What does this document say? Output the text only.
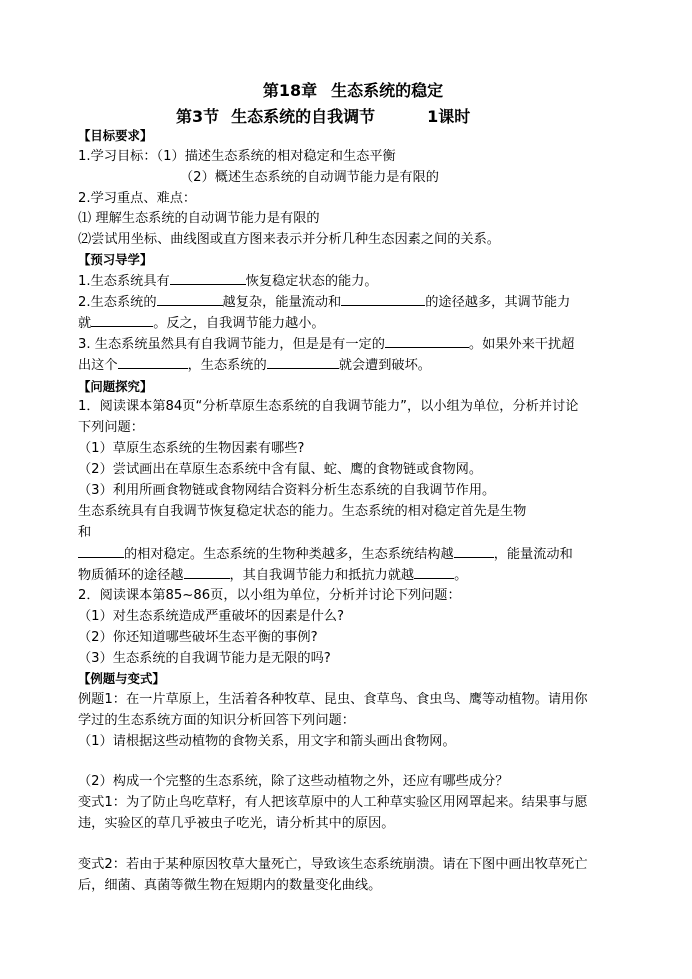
第18章 生态系统的稳定
第3节 生态系统的自我调节	1课时
【目标要求】
1.学习目标：（1）描述生态系统的相对稳定和生态平衡
（2）概述生态系统的自动调节能力是有限的
2.学习重点、难点：
⑴ 理解生态系统的自动调节能力是有限的
⑵尝试用坐标、曲线图或直方图来表示并分析几种生态因素之间的关系。
【预习导学】
1.生态系统具有	恢复稳定状态的能力。
2.生态系统的	越复杂，能量流动和	的途径越多，其调节能力
就	。反之，自我调节能力越小。
3. 生态系统虽然具有自我调节能力，但是是有一定的	。如果外来干扰超
出这个	，生态系统的	就会遭到破坏。
【问题探究】
1．阅读课本第84页“分析草原生态系统的自我调节能力”，以小组为单位，分析并讨论
下列问题：
（1）草原生态系统的生物因素有哪些?
（2）尝试画出在草原生态系统中含有鼠、蛇、鹰的食物链或食物网。
（3）利用所画食物链或食物网结合资料分析生态系统的自我调节作用。
生态系统具有自我调节恢复稳定状态的能力。生态系统的相对稳定首先是生物
和
的相对稳定。生态系统的生物种类越多，生态系统结构越	，能量流动和
物质循环的途径越	，其自我调节能力和抵抗力就越	。
2．阅读课本第85~86页，以小组为单位，分析并讨论下列问题：
（1）对生态系统造成严重破坏的因素是什么?
（2）你还知道哪些破坏生态平衡的事例?
（3）生态系统的自我调节能力是无限的吗?
【例题与变式】
例题1：在一片草原上，生活着各种牧草、昆虫、食草鸟、食虫鸟、鹰等动植物。请用你
学过的生态系统方面的知识分析回答下列问题：
（1）请根据这些动植物的食物关系，用文字和箭头画出食物网。
（2）构成一个完整的生态系统，除了这些动植物之外，还应有哪些成分？
变式1：为了防止鸟吃草籽，有人把该草原中的人工种草实验区用网罩起来。结果事与愿
违，实验区的草几乎被虫子吃光，请分析其中的原因。
变式2：若由于某种原因牧草大量死亡，导致该生态系统崩溃。请在下图中画出牧草死亡
后，细菌、真菌等微生物在短期内的数量变化曲线。
